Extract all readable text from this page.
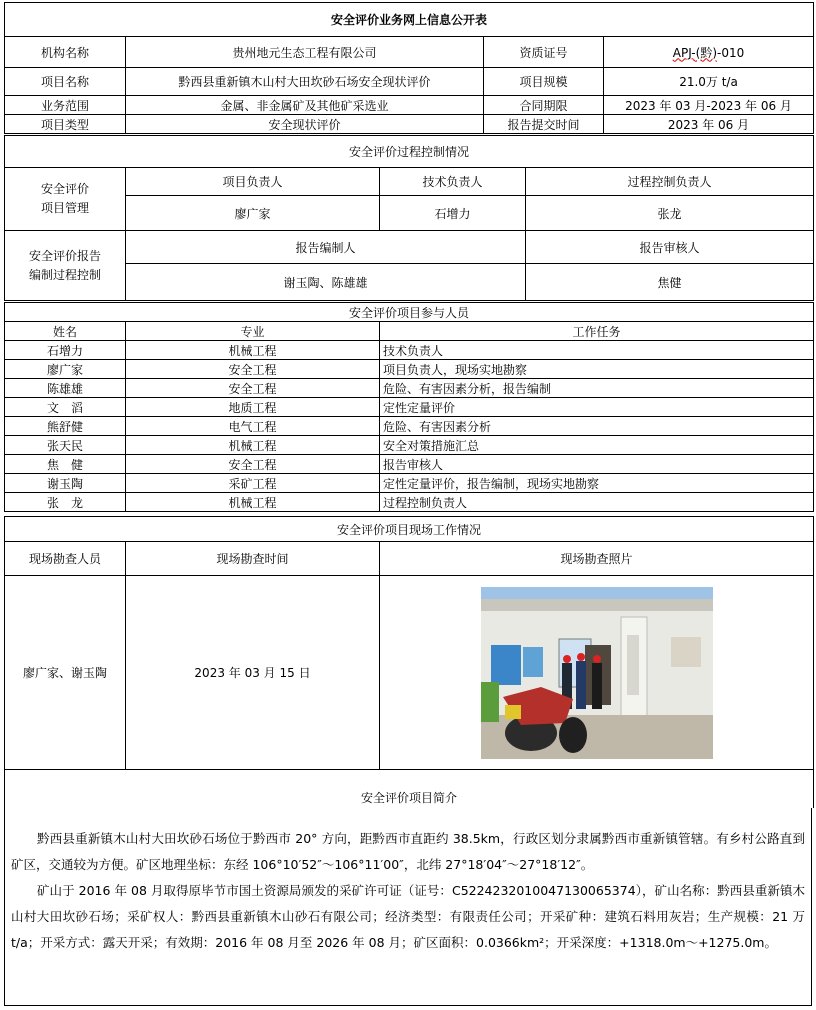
安全评价业务网上信息公开表			
机构名称	贵州地元生态工程有限公司	资质证号	APJ-(黔)-010
项目名称	黔西县重新镇木山村大田坎砂石场安全现状评价	项目规模	21.0万 t/a
业务范围	金属、非金属矿及其他矿采选业	合同期限	2023 年 03 月-2023 年 06 月
项目类型	安全现状评价	报告提交时间	2023 年 06 月
安全评价过程控制情况			
安全评价
项目管理	项目负责人	技术负责人	过程控制负责人
	廖广家	石增力	张龙
安全评价报告
编制过程控制	报告编制人		报告审核人
	谢玉陶、陈雄雄		焦健
安全评价项目参与人员		
姓名	专业	工作任务
石增力	机械工程	技术负责人
廖广家	安全工程	项目负责人，现场实地勘察
陈雄雄	安全工程	危险、有害因素分析，报告编制
文　滔	地质工程	定性定量评价
熊舒健	电气工程	危险、有害因素分析
张天民	机械工程	安全对策措施汇总
焦　健	安全工程	报告审核人
谢玉陶	采矿工程	定性定量评价，报告编制，现场实地勘察
张　龙	机械工程	过程控制负责人
安全评价项目现场工作情况		
现场勘查人员	现场勘查时间	现场勘查照片
廖广家、谢玉陶	2023 年 03 月 15 日	

安全评价项目简介		

黔西县重新镇木山村大田坎砂石场位于黔西市 20° 方向，距黔西市直距约 38.5km，行政区划分隶属黔西市重新镇管辖。有乡村公路直到矿区，交通较为方便。矿区地理坐标：东经 106°10′52″～106°11′00″，北纬 27°18′04″～27°18′12″。

矿山于 2016 年 08 月取得原毕节市国土资源局颁发的采矿许可证（证号：C5224232010047130065374），矿山名称：黔西县重新镇木山村大田坎砂石场；采矿权人：黔西县重新镇木山砂石有限公司；经济类型：有限责任公司；开采矿种：建筑石料用灰岩；生产规模：21 万 t/a；开采方式：露天开采；有效期：2016 年 08 月至 2026 年 08 月；矿区面积：0.0366km²；开采深度：+1318.0m～+1275.0m。
